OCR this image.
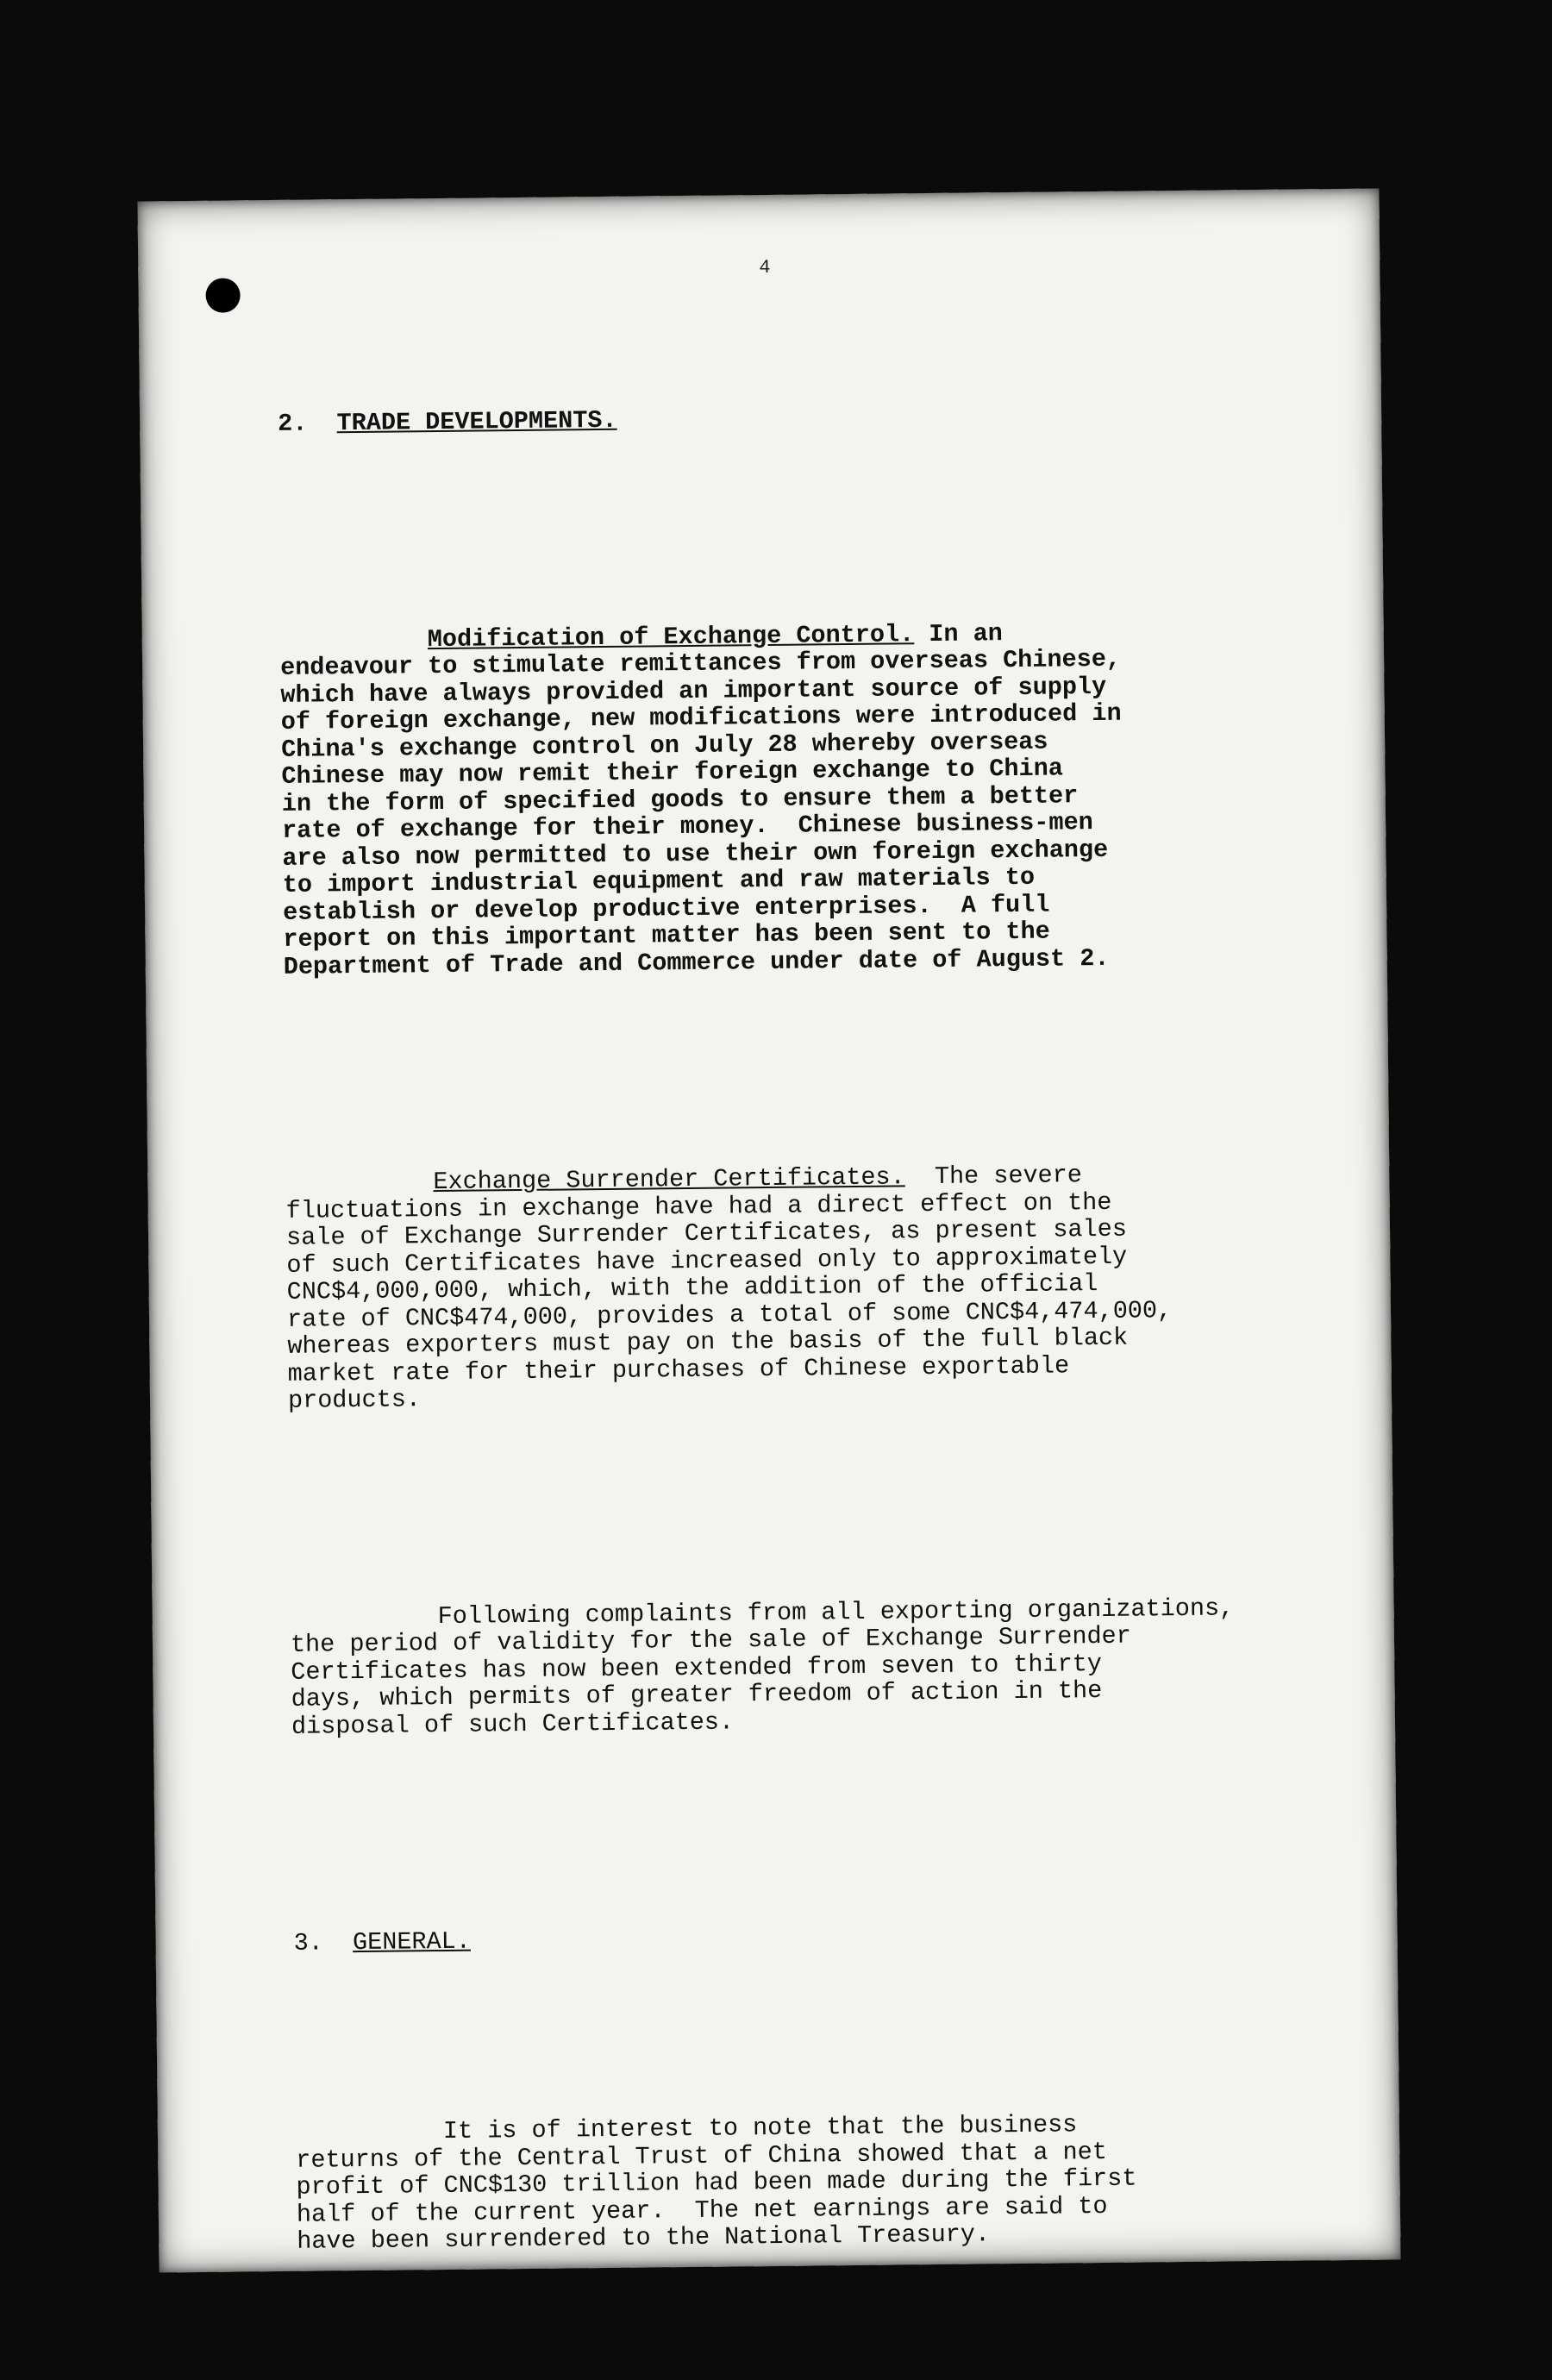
4

2. TRADE DEVELOPMENTS.

Modification of Exchange Control. In an
endeavour to stimulate remittances from overseas Chinese,
which have always provided an important source of supply
of foreign exchange, new modifications were introduced in
China's exchange control on July 28 whereby overseas
Chinese may now remit their foreign exchange to China
in the form of specified goods to ensure them a better
rate of exchange for their money.  Chinese business-men
are also now permitted to use their own foreign exchange
to import industrial equipment and raw materials to
establish or develop productive enterprises.  A full
report on this important matter has been sent to the
Department of Trade and Commerce under date of August 2.

Exchange Surrender Certificates.  The severe
fluctuations in exchange have had a direct effect on the
sale of Exchange Surrender Certificates, as present sales
of such Certificates have increased only to approximately
CNC$4,000,000, which, with the addition of the official
rate of CNC$474,000, provides a total of some CNC$4,474,000,
whereas exporters must pay on the basis of the full black
market rate for their purchases of Chinese exportable
products.

Following complaints from all exporting organizations,
the period of validity for the sale of Exchange Surrender
Certificates has now been extended from seven to thirty
days, which permits of greater freedom of action in the
disposal of such Certificates.

3. GENERAL.

It is of interest to note that the business
returns of the Central Trust of China showed that a net
profit of CNC$130 trillion had been made during the first
half of the current year.  The net earnings are said to
have been surrendered to the National Treasury.
